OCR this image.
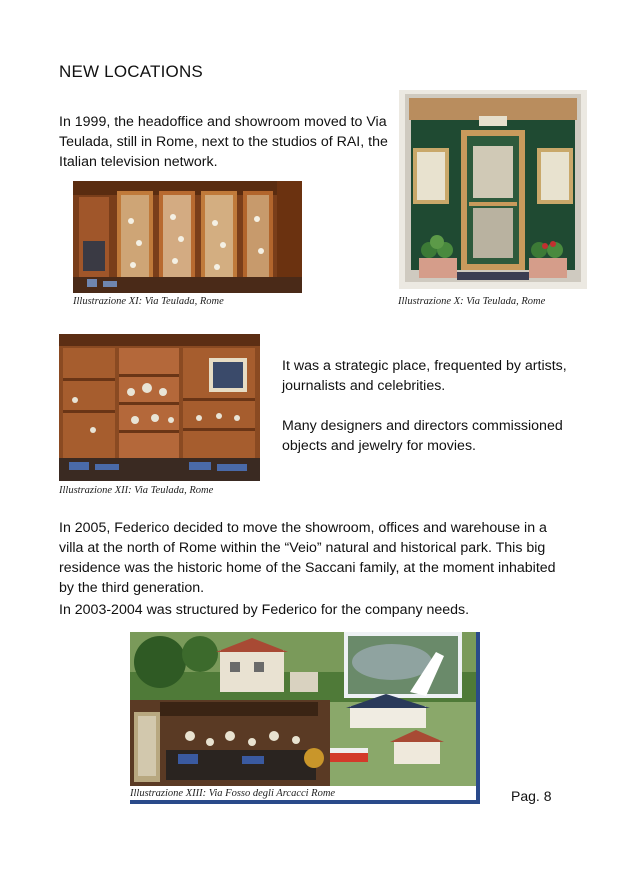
NEW LOCATIONS
In 1999, the headoffice and showroom moved to Via Teulada, still in Rome, next to the studios of RAI, the Italian television network.
Illustrazione XI: Via Teulada, Rome	Illustrazione X: Via Teulada, Rome
Illustrazione XII: Via Teulada, Rome
It was a strategic place, frequented by artists, journalists and celebrities.
Many designers and directors commissioned objects and jewelry for movies.
In 2005, Federico decided to move the showroom, offices and warehouse in a villa at the north of Rome within the “Veio” natural and historical park. This big residence was the historic home of the Saccani family, at the moment inhabited by the third generation.
In 2003-2004 was structured by Federico for the company needs.
Illustrazione XIII: Via Fosso degli Arcacci Rome	Pag. 8
